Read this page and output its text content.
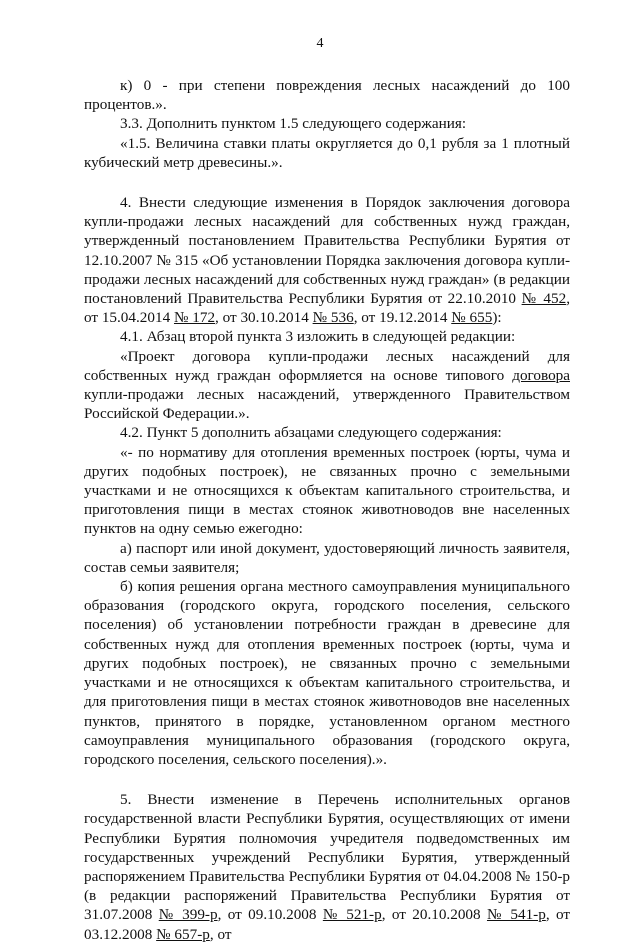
4

к) 0 - при степени повреждения лесных насаждений до 100 процентов.».

3.3. Дополнить пунктом 1.5 следующего содержания:

«1.5. Величина ставки платы округляется до 0,1 рубля за 1 плотный кубический метр древесины.».

4. Внести следующие изменения в Порядок заключения договора купли-продажи лесных насаждений для собственных нужд граждан, утвержденный постановлением Правительства Республики Бурятия от 12.10.2007 № 315 «Об установлении Порядка заключения договора купли-продажи лесных насаждений для собственных нужд граждан» (в редакции постановлений Правительства Республики Бурятия от 22.10.2010 № 452, от 15.04.2014 № 172, от 30.10.2014 № 536, от 19.12.2014 № 655):

4.1. Абзац второй пункта 3 изложить в следующей редакции:

«Проект договора купли-продажи лесных насаждений для собственных нужд граждан оформляется на основе типового договора купли-продажи лесных насаждений, утвержденного Правительством Российской Федерации.».

4.2. Пункт 5 дополнить абзацами следующего содержания:

«- по нормативу для отопления временных построек (юрты, чума и других подобных построек), не связанных прочно с земельными участками и не относящихся к объектам капитального строительства, и приготовления пищи в местах стоянок животноводов вне населенных пунктов на одну семью ежегодно:

а) паспорт или иной документ, удостоверяющий личность заявителя, состав семьи заявителя;

б) копия решения органа местного самоуправления муниципального образования (городского округа, городского поселения, сельского поселения) об установлении потребности граждан в древесине для собственных нужд для отопления временных построек (юрты, чума и других подобных построек), не связанных прочно с земельными участками и не относящихся к объектам капитального строительства, и для приготовления пищи в местах стоянок животноводов вне населенных пунктов, принятого в порядке, установленном органом местного самоуправления муниципального образования (городского округа, городского поселения, сельского поселения).».

5. Внести изменение в Перечень исполнительных органов государственной власти Республики Бурятия, осуществляющих от имени Республики Бурятия полномочия учредителя подведомственных им государственных учреждений Республики Бурятия, утвержденный распоряжением Правительства Республики Бурятия от 04.04.2008 № 150-р (в редакции распоряжений Правительства Республики Бурятия от 31.07.2008 № 399-р, от 09.10.2008 № 521-р, от 20.10.2008 № 541-р, от 03.12.2008 № 657-р, от
